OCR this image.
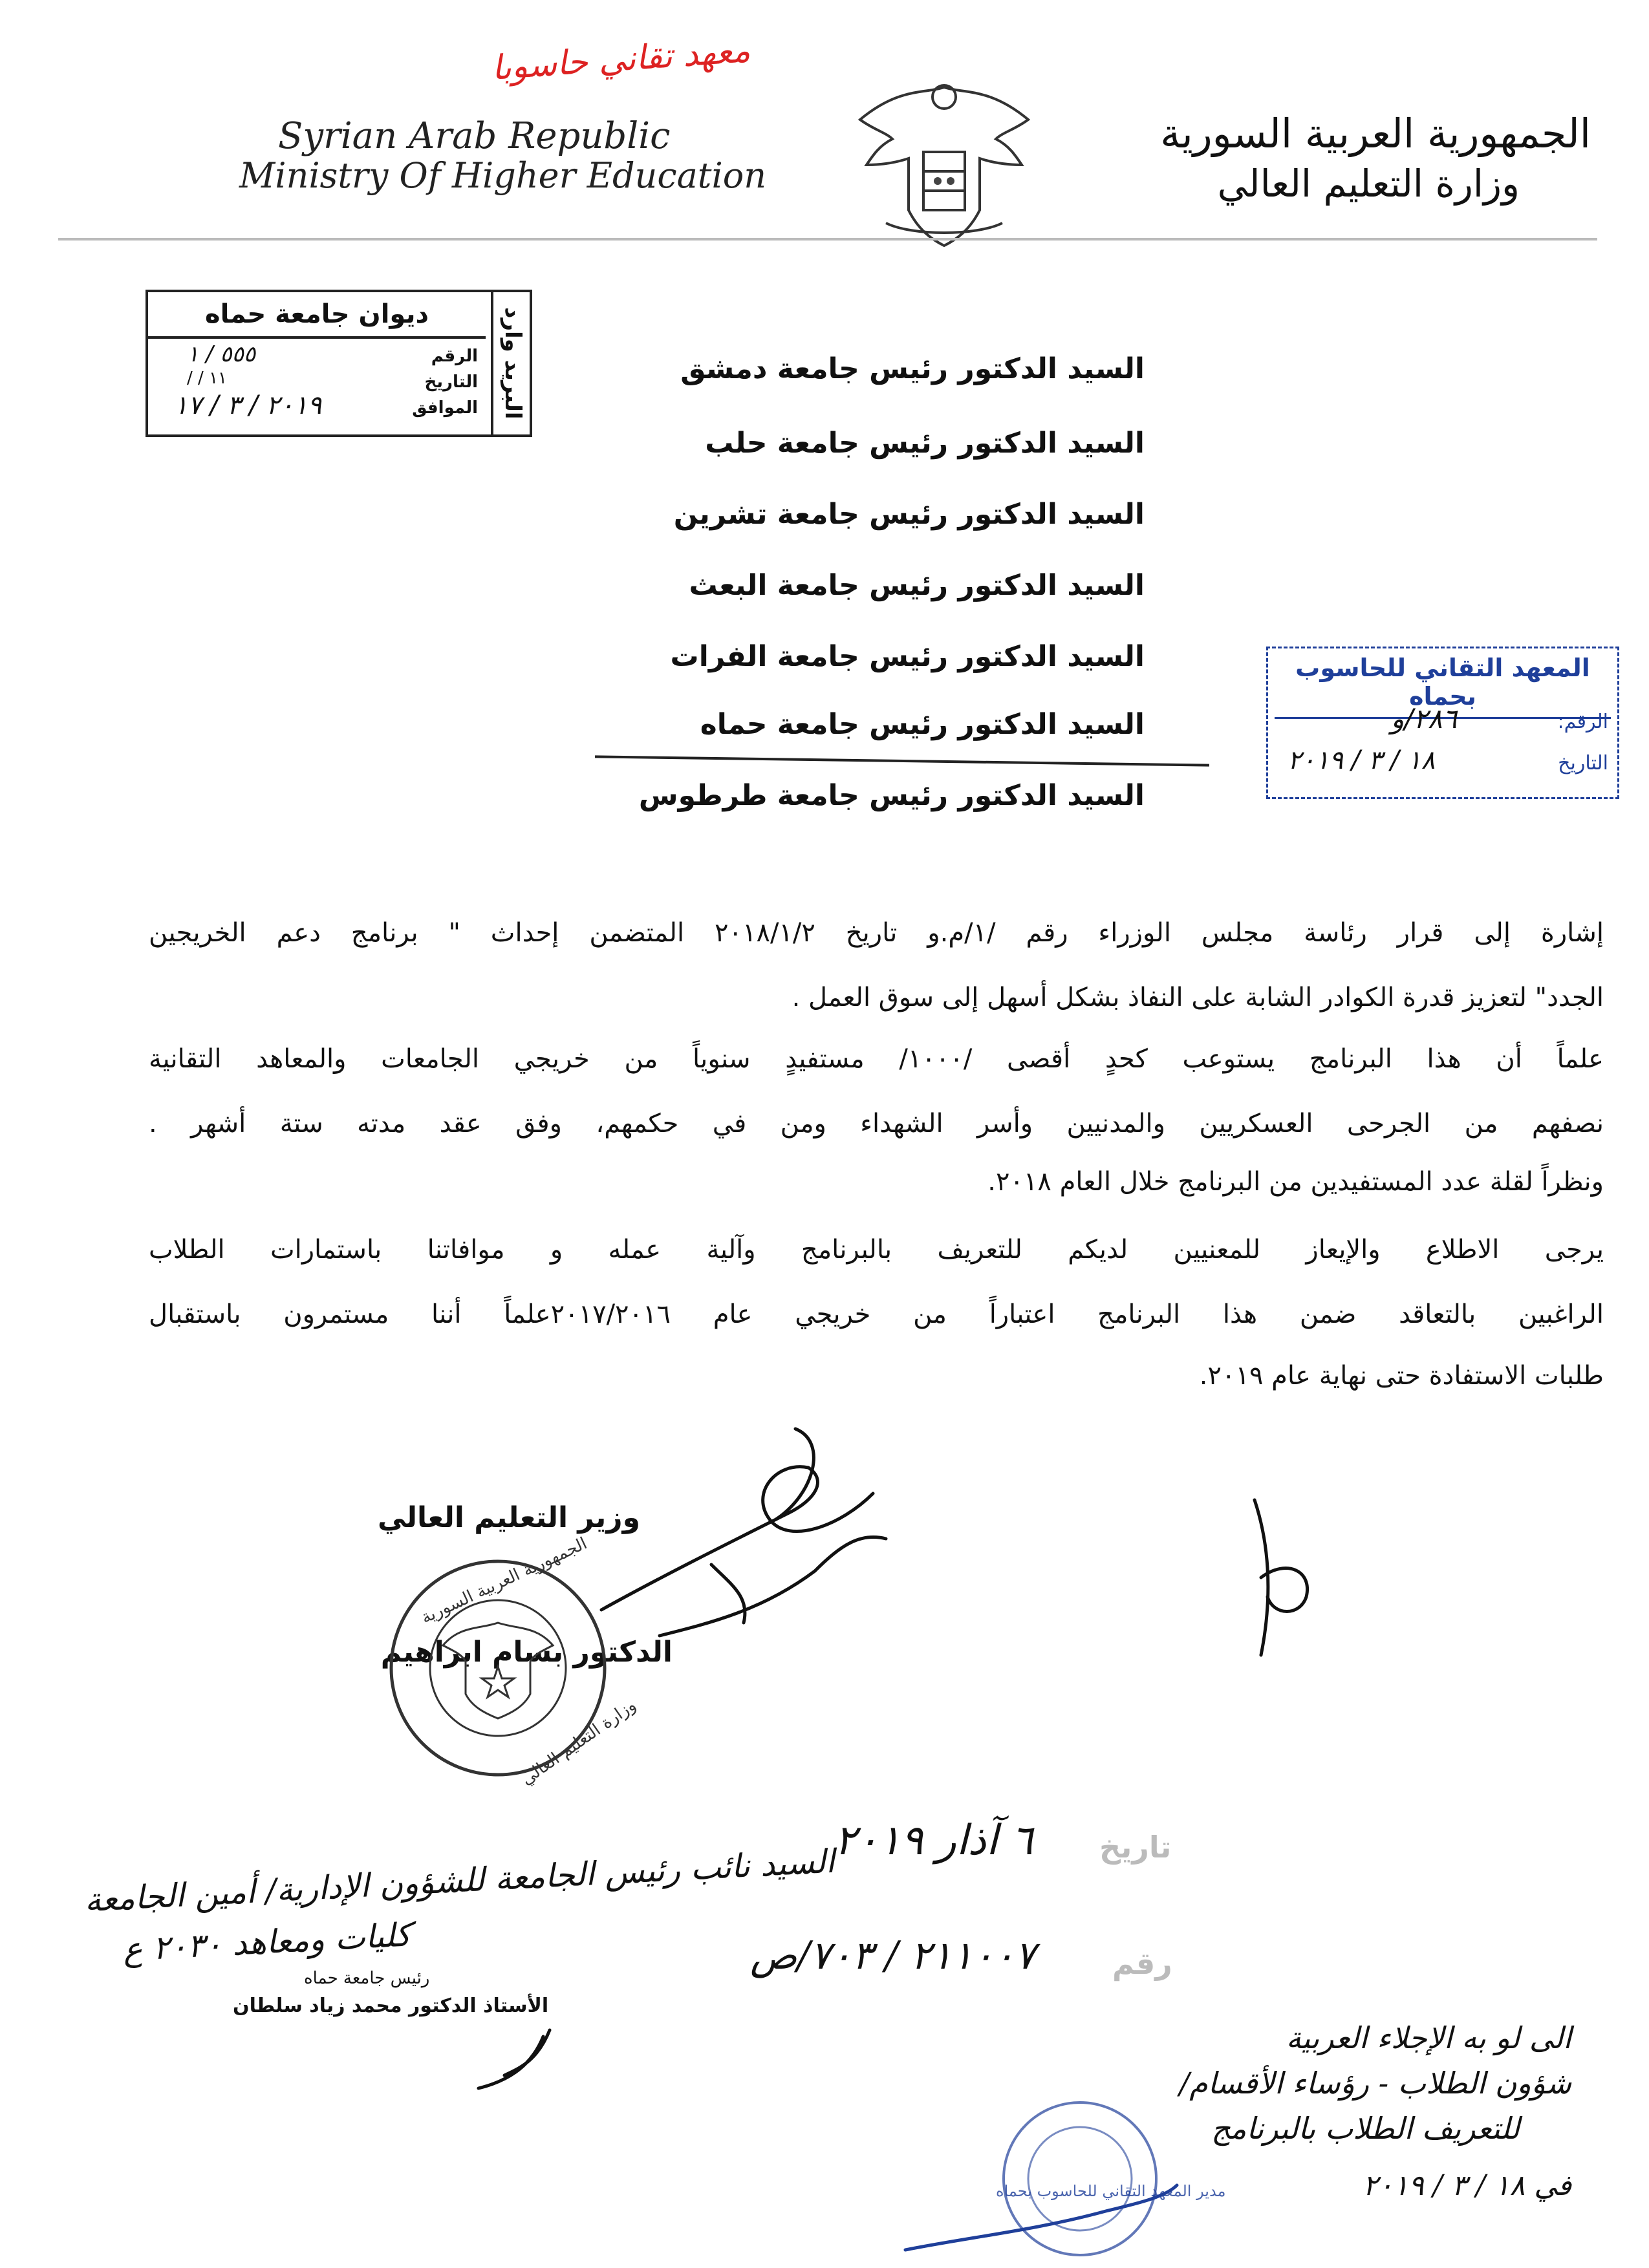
معهد تقاني حاسوبا
Syrian Arab Republic
Ministry Of Higher Education
الجمهورية العربية السورية
وزارة التعليم العالي
البريد وارد
ديوان جامعة حماه
الرقم
٥٥٥ / ١
التاريخ
/ / ١١
الموافق
٢٠١٩ / ٣ / ١٧
السيد الدكتور رئيس جامعة دمشق
السيد الدكتور رئيس جامعة حلب
السيد الدكتور رئيس جامعة تشرين
السيد الدكتور رئيس جامعة البعث
السيد الدكتور رئيس جامعة الفرات
السيد الدكتور رئيس جامعة حماه
السيد الدكتور رئيس جامعة طرطوس
المعهد التقاني للحاسوب بحماه
الرقم:
٢٨٦/و
التاريخ
١٨ / ٣ / ٢٠١٩
إشارة إلى قرار رئاسة مجلس الوزراء رقم /١/م.و تاريخ ٢٠١٨/١/٢ المتضمن إحداث " برنامج دعم الخريجين
الجدد" لتعزيز قدرة الكوادر الشابة على النفاذ بشكل أسهل إلى سوق العمل .
علماً أن هذا البرنامج يستوعب كحدٍ أقصى /١٠٠٠/ مستفيدٍ سنوياً من خريجي الجامعات والمعاهد التقانية
نصفهم من الجرحى العسكريين والمدنيين وأسر الشهداء ومن في حكمهم، وفق عقد مدته ستة أشهر .
ونظراً لقلة عدد المستفيدين من البرنامج خلال العام ٢٠١٨.
يرجى الاطلاع والإيعاز للمعنيين لديكم للتعريف بالبرنامج وآلية عمله و موافاتنا باستمارات الطلاب
الراغبين بالتعاقد ضمن هذا البرنامج اعتباراً من خريجي عام ٢٠١٧/٢٠١٦علماً أننا مستمرون باستقبال
طلبات الاستفادة حتى نهاية عام ٢٠١٩.
وزير التعليم العالي
الدكتور بسام ابراهيم
الجمهورية العربية السورية
وزارة التعليم العالي
تاريخ
٦ آذار ٢٠١٩
رقم
٢١١٠٠٧ / ٧٠٣/ص
السيد نائب رئيس الجامعة للشؤون الإدارية/ أمين الجامعة
كليات ومعاهد ٢٠٣٠ ع
رئيس جامعة حماه
الأستاذ الدكتور محمد زياد سلطان
الى لو به الإجلاء العربية
شؤون الطلاب - رؤساء الأقسام/
للتعريف الطلاب بالبرنامج
في ١٨ / ٣ / ٢٠١٩
مدير المعهد التقاني للحاسوب بحماه
